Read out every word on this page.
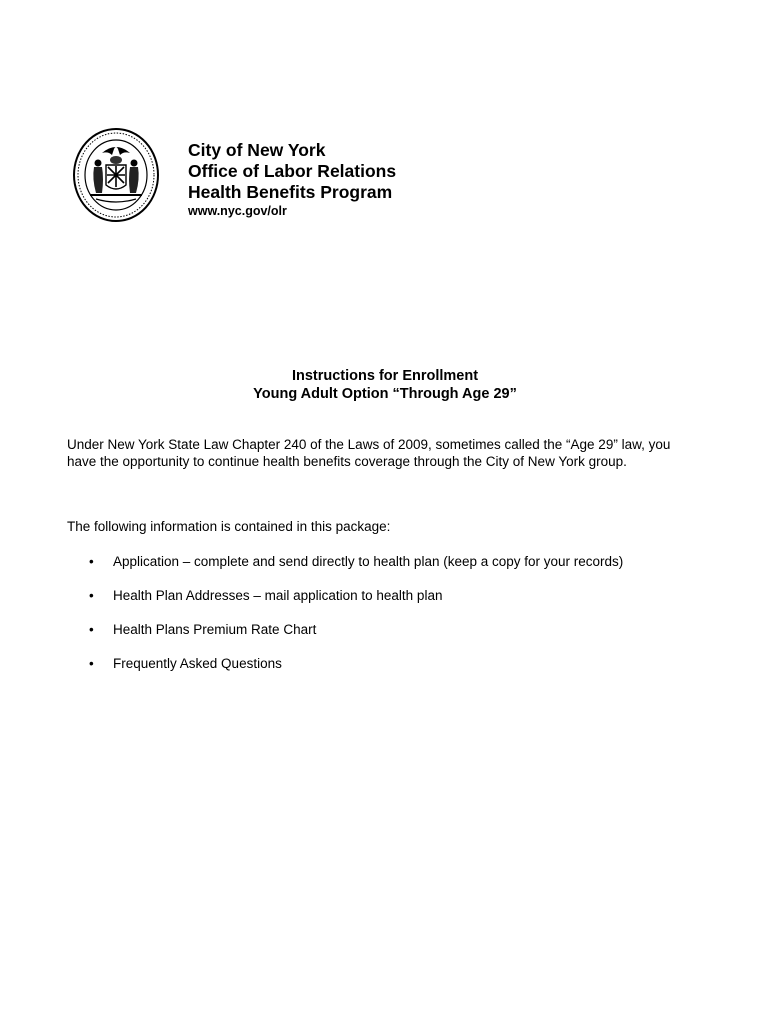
City of New York
Office of Labor Relations
Health Benefits Program
www.nyc.gov/olr
Instructions for Enrollment
Young Adult Option “Through Age 29”
Under New York State Law Chapter 240 of the Laws of 2009, sometimes called the “Age 29” law, you have the opportunity to continue health benefits coverage through the City of New York group.
The following information is contained in this package:
• Application – complete and send directly to health plan (keep a copy for your records)
• Health Plan Addresses – mail application to health plan
• Health Plans Premium Rate Chart
• Frequently Asked Questions
